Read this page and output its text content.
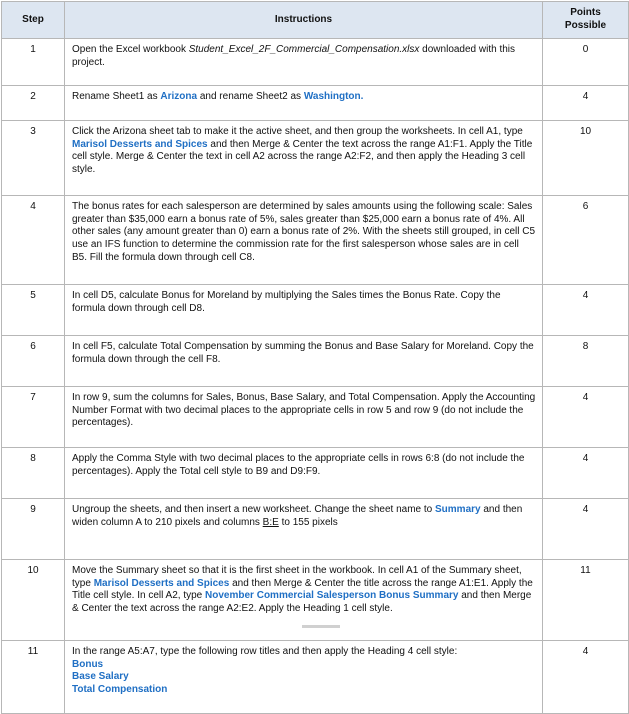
Step	Instructions	Points Possible
1	Open the Excel workbook Student_Excel_2F_Commercial_Compensation.xlsx downloaded with this project.	0
2	Rename Sheet1 as Arizona and rename Sheet2 as Washington.	4
3	Click the Arizona sheet tab to make it the active sheet, and then group the worksheets. In cell A1, type Marisol Desserts and Spices and then Merge & Center the text across the range A1:F1. Apply the Title cell style. Merge & Center the text in cell A2 across the range A2:F2, and then apply the Heading 3 cell style.	10
4	The bonus rates for each salesperson are determined by sales amounts using the following scale: Sales greater than $35,000 earn a bonus rate of 5%, sales greater than $25,000 earn a bonus rate of 4%. All other sales (any amount greater than 0) earn a bonus rate of 2%. With the sheets still grouped, in cell C5 use an IFS function to determine the commission rate for the first salesperson whose sales are in cell B5. Fill the formula down through cell C8.	6
5	In cell D5, calculate Bonus for Moreland by multiplying the Sales times the Bonus Rate. Copy the formula down through cell D8.	4
6	In cell F5, calculate Total Compensation by summing the Bonus and Base Salary for Moreland. Copy the formula down through the cell F8.	8
7	In row 9, sum the columns for Sales, Bonus, Base Salary, and Total Compensation. Apply the Accounting Number Format with two decimal places to the appropriate cells in row 5 and row 9 (do not include the percentages).	4
8	Apply the Comma Style with two decimal places to the appropriate cells in rows 6:8 (do not include the percentages). Apply the Total cell style to B9 and D9:F9.	4
9	Ungroup the sheets, and then insert a new worksheet. Change the sheet name to Summary and then widen column A to 210 pixels and columns B:E to 155 pixels	4
10	Move the Summary sheet so that it is the first sheet in the workbook. In cell A1 of the Summary sheet, type Marisol Desserts and Spices and then Merge & Center the title across the range A1:E1. Apply the Title cell style. In cell A2, type November Commercial Salesperson Bonus Summary and then Merge & Center the text across the range A2:E2. Apply the Heading 1 cell style.	11
11	In the range A5:A7, type the following row titles and then apply the Heading 4 cell style:
Bonus
Base Salary
Total Compensation	4
